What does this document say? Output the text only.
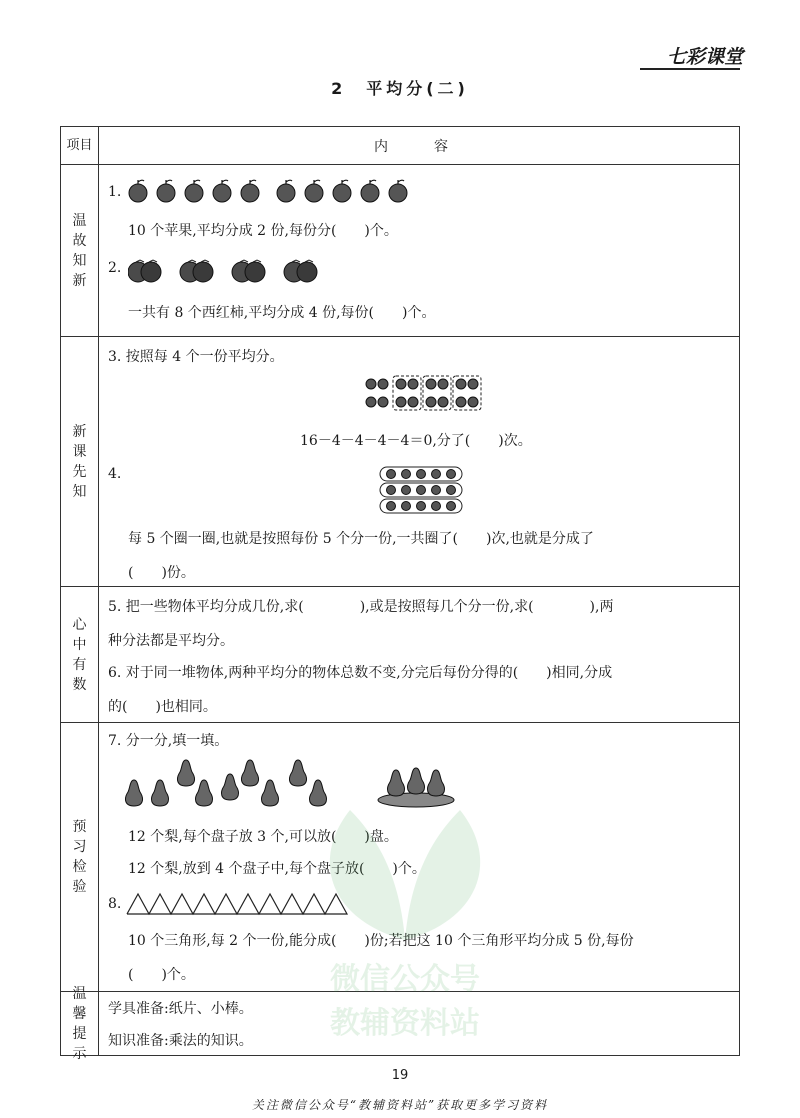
七彩课堂
2　平均分(二)
项目	内　容
温故知新
新课先知
心中有数
预习检验
温馨提示
1.
10 个苹果,平均分成 2 份,每份分(　　)个。
2.
一共有 8 个西红柿,平均分成 4 份,每份(　　)个。
3. 按照每 4 个一份平均分。
16－4－4－4－4＝0,分了(　　)次。
4.
每 5 个圈一圈,也就是按照每份 5 个分一份,一共圈了(　　)次,也就是分成了
(　　)份。
5. 把一些物体平均分成几份,求(　　　　),或是按照每几个分一份,求(　　　　),两
种分法都是平均分。
6. 对于同一堆物体,两种平均分的物体总数不变,分完后每份分得的(　　)相同,分成
的(　　)也相同。
7. 分一分,填一填。
12 个梨,每个盘子放 3 个,可以放(　　)盘。
12 个梨,放到 4 个盘子中,每个盘子放(　　)个。
8.
10 个三角形,每 2 个一份,能分成(　　)份;若把这 10 个三角形平均分成 5 份,每份
(　　)个。
学具准备:纸片、小棒。
知识准备:乘法的知识。
微信公众号
教辅资料站
19
关注微信公众号“教辅资料站”获取更多学习资料
